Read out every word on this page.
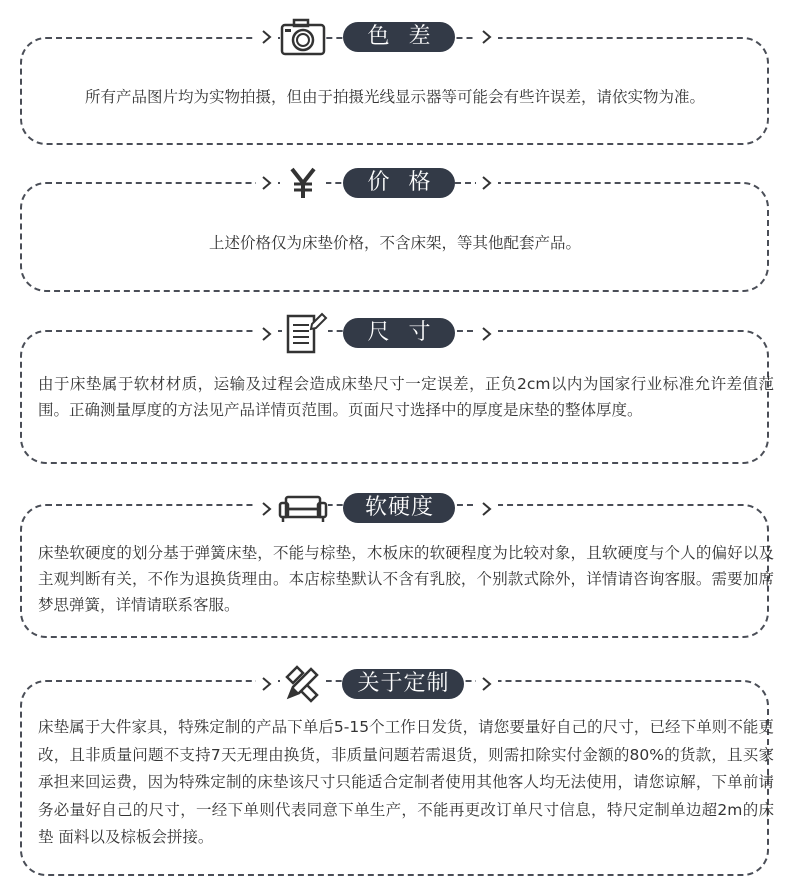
色 差
所有产品图片均为实物拍摄，但由于拍摄光线显示器等可能会有些许误差，请依实物为准。
价 格
上述价格仅为床垫价格，不含床架，等其他配套产品。
尺 寸
由于床垫属于软材材质，运输及过程会造成床垫尺寸一定误差，正负2cm以内为国家行业标准允许差值范围。正确测量厚度的方法见产品详情页范围。页面尺寸选择中的厚度是床垫的整体厚度。
软硬度
床垫软硬度的划分基于弹簧床垫，不能与棕垫，木板床的软硬程度为比较对象，且软硬度与个人的偏好以及主观判断有关，不作为退换货理由。本店棕垫默认不含有乳胶，个别款式除外，详情请咨询客服。需要加席梦思弹簧，详情请联系客服。
关于定制
床垫属于大件家具，特殊定制的产品下单后5-15个工作日发货，请您要量好自己的尺寸，已经下单则不能更改，且非质量问题不支持7天无理由换货，非质量问题若需退货，则需扣除实付金额的80%的货款，且买家承担来回运费，因为特殊定制的床垫该尺寸只能适合定制者使用其他客人均无法使用，请您谅解，下单前请务必量好自己的尺寸，一经下单则代表同意下单生产，不能再更改订单尺寸信息，特尺定制单边超2m的床垫 面料以及棕板会拼接。
